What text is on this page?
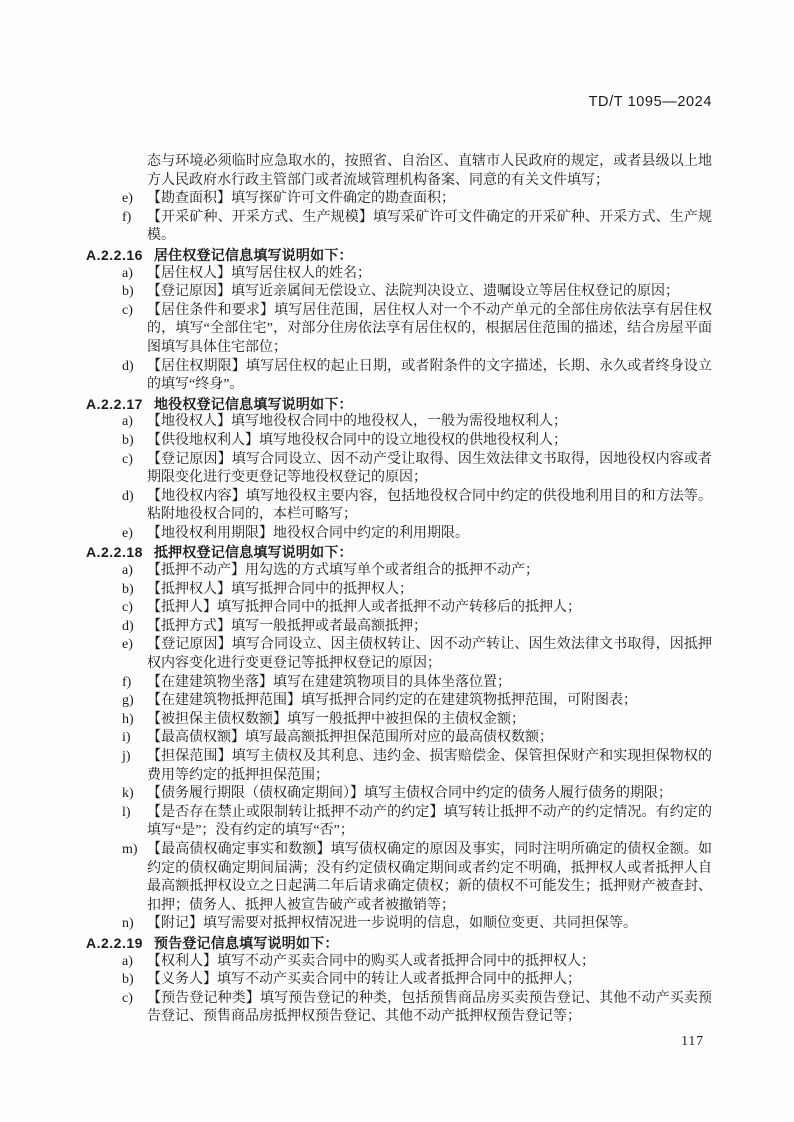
TD/T 1095—2024

态与环境必须临时应急取水的，按照省、自治区、直辖市人民政府的规定，或者县级以上地方人民政府水行政主管部门或者流域管理机构备案、同意的有关文件填写；

e) 【勘查面积】填写探矿许可文件确定的勘查面积；
f) 【开采矿种、开采方式、生产规模】填写采矿许可文件确定的开采矿种、开采方式、生产规模。
A.2.2.16 居住权登记信息填写说明如下：
a) 【居住权人】填写居住权人的姓名；
b) 【登记原因】填写近亲属间无偿设立、法院判决设立、遗嘱设立等居住权登记的原因；
c) 【居住条件和要求】填写居住范围，居住权人对一个不动产单元的全部住房依法享有居住权的，填写“全部住宅”，对部分住房依法享有居住权的，根据居住范围的描述，结合房屋平面图填写具体住宅部位；
d) 【居住权期限】填写居住权的起止日期，或者附条件的文字描述，长期、永久或者终身设立的填写“终身”。
A.2.2.17 地役权登记信息填写说明如下：
a) 【地役权人】填写地役权合同中的地役权人，一般为需役地权利人；
b) 【供役地权利人】填写地役权合同中的设立地役权的供地役权利人；
c) 【登记原因】填写合同设立、因不动产受让取得、因生效法律文书取得，因地役权内容或者期限变化进行变更登记等地役权登记的原因；
d) 【地役权内容】填写地役权主要内容，包括地役权合同中约定的供役地利用目的和方法等。粘附地役权合同的，本栏可略写；
e) 【地役权利用期限】地役权合同中约定的利用期限。
A.2.2.18 抵押权登记信息填写说明如下：
a) 【抵押不动产】用勾选的方式填写单个或者组合的抵押不动产；
b) 【抵押权人】填写抵押合同中的抵押权人；
c) 【抵押人】填写抵押合同中的抵押人或者抵押不动产转移后的抵押人；
d) 【抵押方式】填写一般抵押或者最高额抵押；
e) 【登记原因】填写合同设立、因主债权转让、因不动产转让、因生效法律文书取得，因抵押权内容变化进行变更登记等抵押权登记的原因；
f) 【在建建筑物坐落】填写在建建筑物项目的具体坐落位置；
g) 【在建建筑物抵押范围】填写抵押合同约定的在建建筑物抵押范围，可附图表；
h) 【被担保主债权数额】填写一般抵押中被担保的主债权金额；
i) 【最高债权额】填写最高额抵押担保范围所对应的最高债权数额；
j) 【担保范围】填写主债权及其利息、违约金、损害赔偿金、保管担保财产和实现担保物权的费用等约定的抵押担保范围；
k) 【债务履行期限（债权确定期间）】填写主债权合同中约定的债务人履行债务的期限；
l) 【是否存在禁止或限制转让抵押不动产的约定】填写转让抵押不动产的约定情况。有约定的填写“是”；没有约定的填写“否”；
m) 【最高债权确定事实和数额】填写债权确定的原因及事实，同时注明所确定的债权金额。如约定的债权确定期间届满；没有约定债权确定期间或者约定不明确，抵押权人或者抵押人自最高额抵押权设立之日起满二年后请求确定债权；新的债权不可能发生；抵押财产被查封、扣押；债务人、抵押人被宣告破产或者被撤销等；
n) 【附记】填写需要对抵押权情况进一步说明的信息，如顺位变更、共同担保等。
A.2.2.19 预告登记信息填写说明如下：
a) 【权利人】填写不动产买卖合同中的购买人或者抵押合同中的抵押权人；
b) 【义务人】填写不动产买卖合同中的转让人或者抵押合同中的抵押人；
c) 【预告登记种类】填写预告登记的种类，包括预售商品房买卖预告登记、其他不动产买卖预告登记、预售商品房抵押权预告登记、其他不动产抵押权预告登记等；
117
